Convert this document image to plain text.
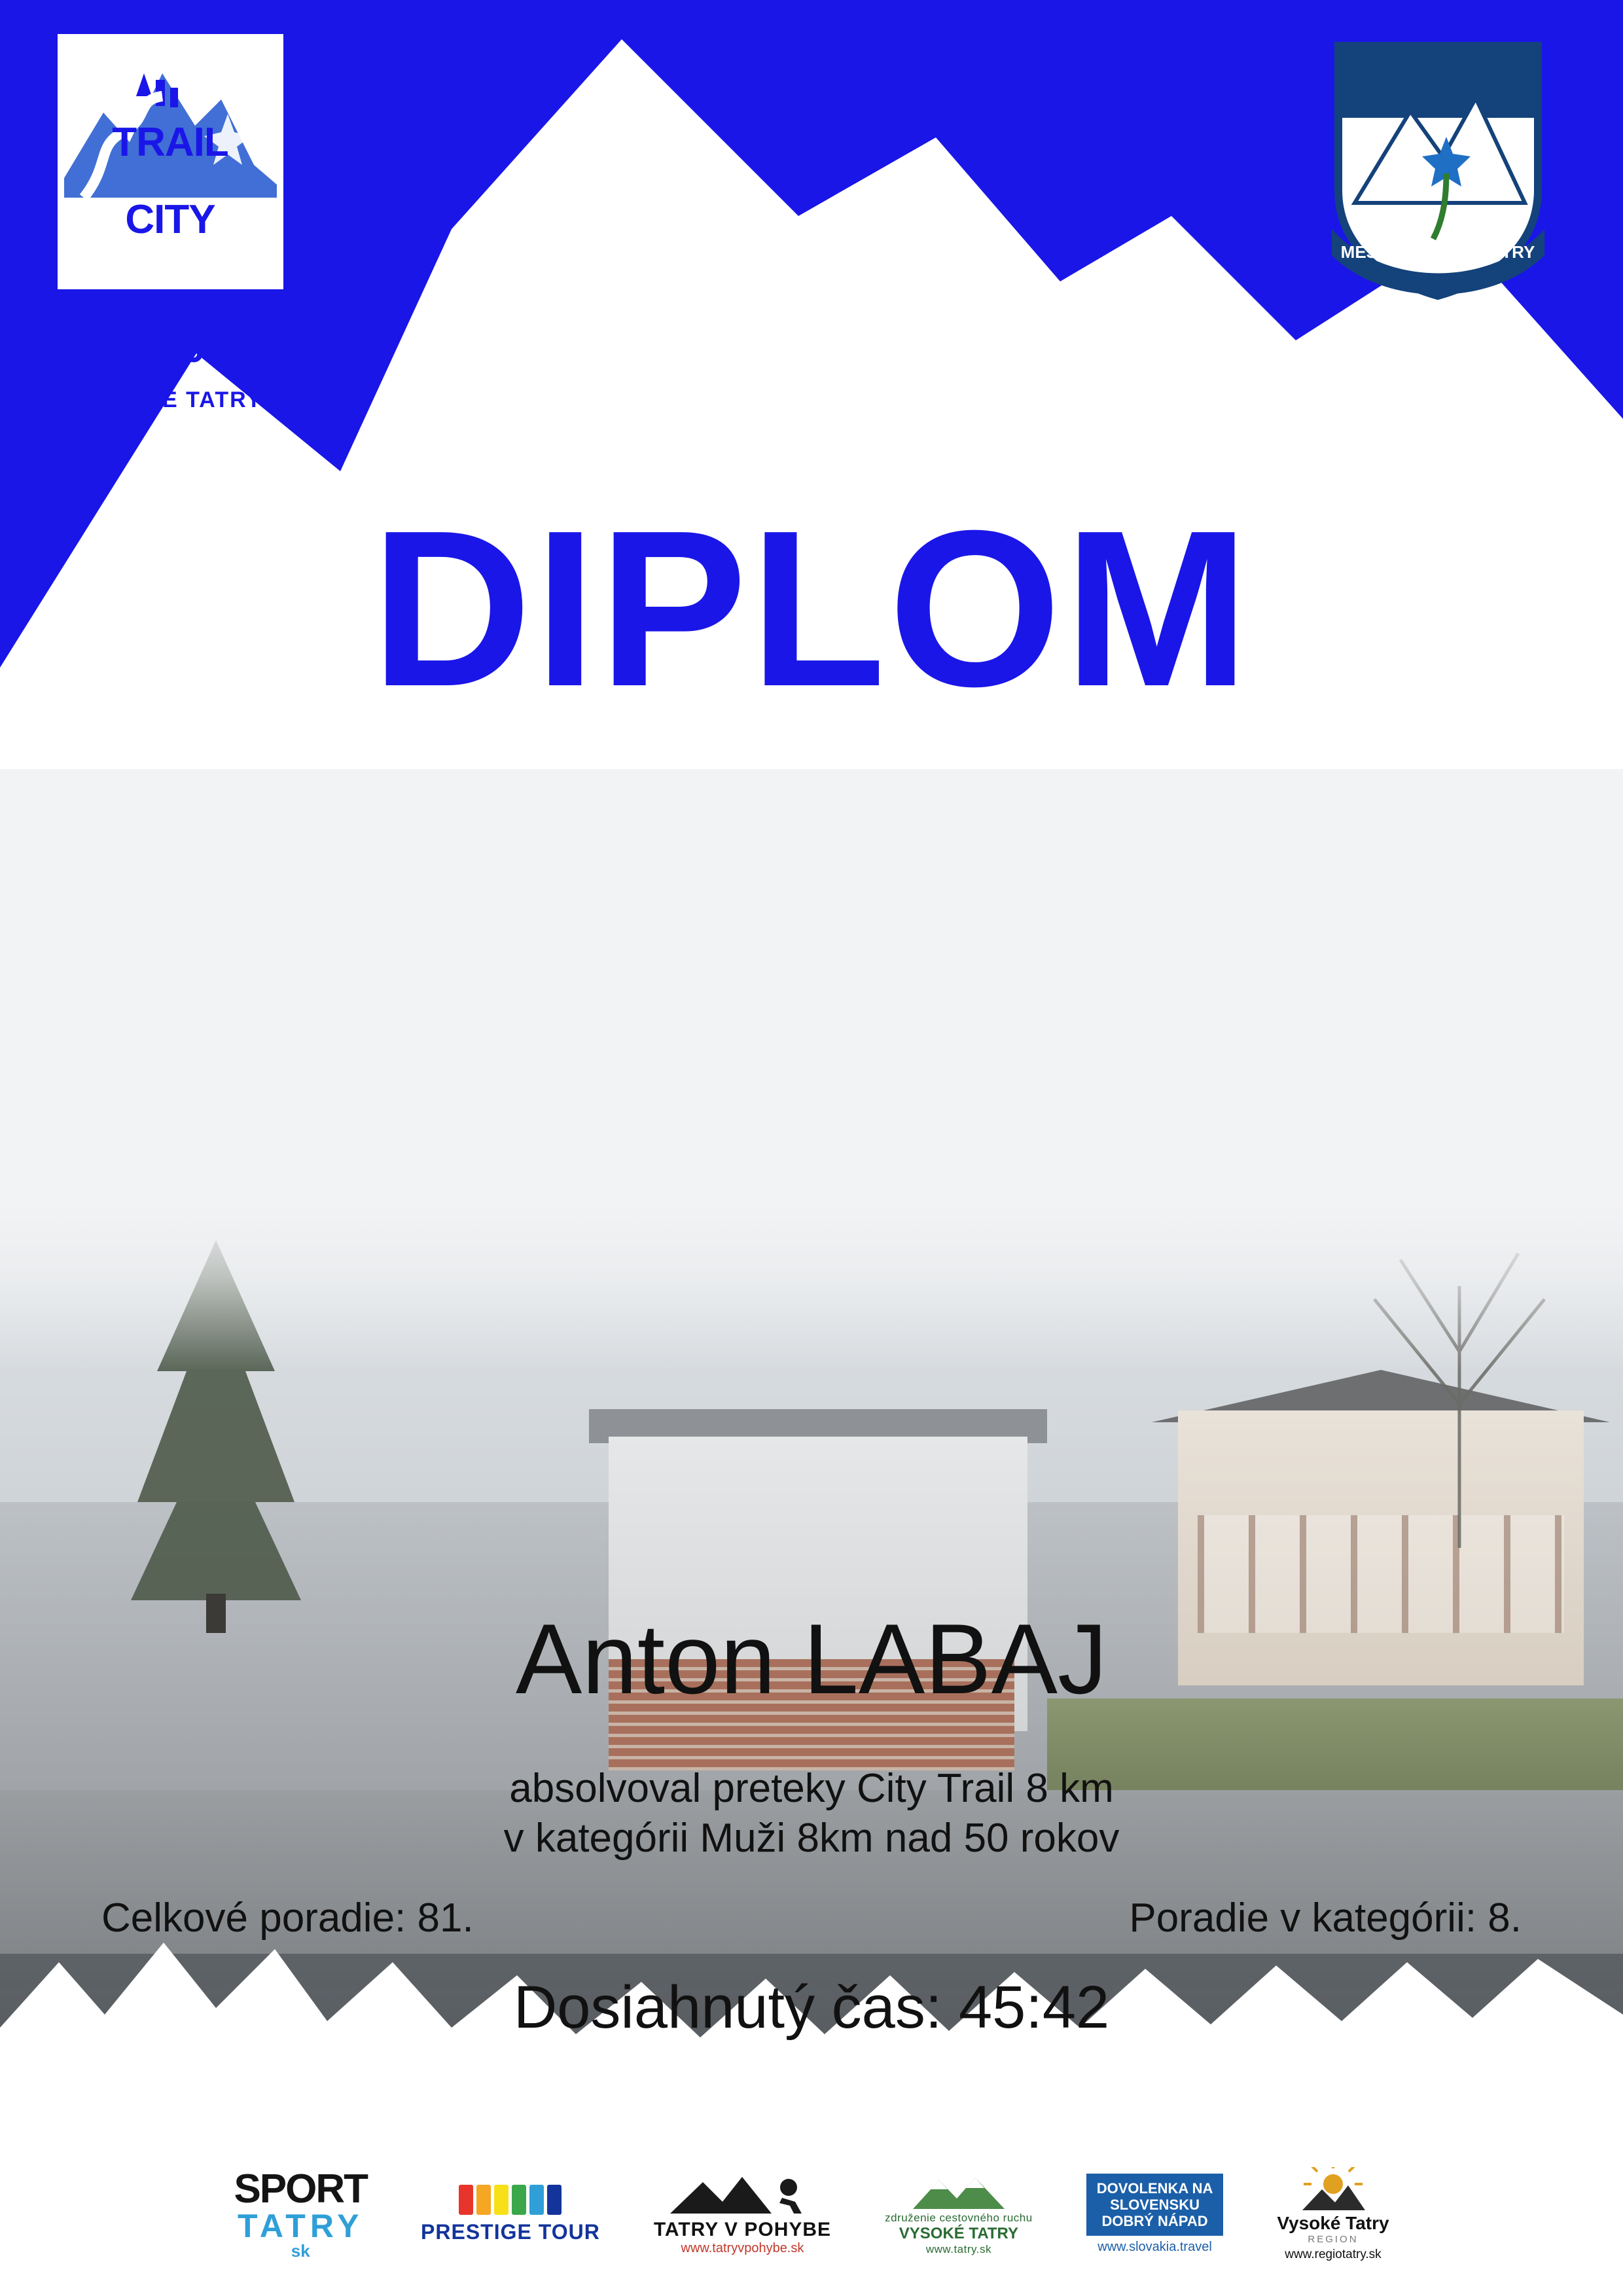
CITY
TRAIL
4.5.2019
VYSOKÉ TATRY
MESTO VYSOKÉ TATRY
DIPLOM
Anton LABAJ
absolvoval preteky City Trail 8 km
v kategórii Muži 8km nad 50 rokov
Celkové poradie: 81.	Poradie v kategórii: 8.
Dosiahnutý čas: 45:42
SPORT
TATRY
sk
PRESTIGE TOUR	TATRY V POHYBE
www.tatryvpohybe.sk
združenie cestovného ruchu
VYSOKÉ TATRY
www.tatry.sk
DOVOLENKA NA
SLOVENSKU
DOBRÝ NÁPAD
www.slovakia.travel
Vysoké Tatry
REGION
www.regiotatry.sk
